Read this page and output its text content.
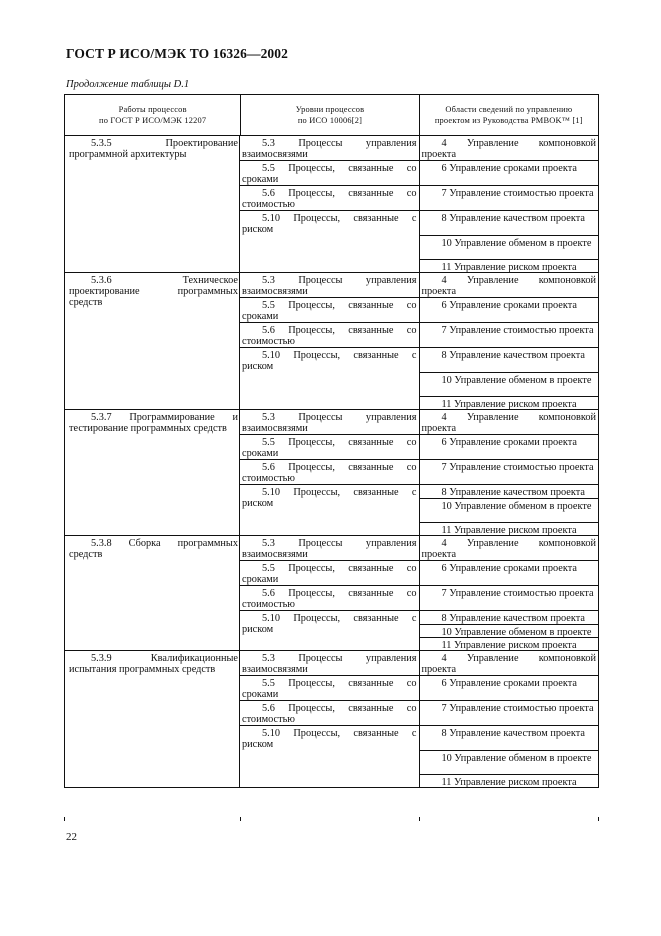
ГОСТ Р ИСО/МЭК ТО 16326—2002
Продолжение таблицы D.1
Работы процессов
по ГОСТ Р ИСО/МЭК 12207
Уровни процессов
по ИСО 10006[2]
Области сведений по управлению
проектом из Руководства PMBOK™ [1]
5.3.5 Проектирование программной архитектуры
5.3 Процессы управления взаимосвязями
4 Управление компоновкой проекта
5.5 Процессы, связанные со сроками
6 Управление сроками проекта
5.6 Процессы, связанные со стоимостью
7 Управление стоимостью проекта
5.10 Процессы, связанные с риском
8 Управление качеством проекта
10 Управление обменом в проекте
11 Управление риском проекта
5.3.6 Техническое проектирование программных средств
5.3 Процессы управления взаимосвязями
4 Управление компоновкой проекта
5.5 Процессы, связанные со сроками
6 Управление сроками проекта
5.6 Процессы, связанные со стоимостью
7 Управление стоимостью проекта
5.10 Процессы, связанные с риском
8 Управление качеством проекта
10 Управление обменом в проекте
11 Управление риском проекта
5.3.7 Программирование и тестирование программных средств
5.3 Процессы управления взаимосвязями
4 Управление компоновкой проекта
5.5 Процессы, связанные со сроками
6 Управление сроками проекта
5.6 Процессы, связанные со стоимостью
7 Управление стоимостью проекта
5.10 Процессы, связанные с риском
8 Управление качеством проекта
10 Управление обменом в проекте
11 Управление риском проекта
5.3.8 Сборка программных средств
5.3 Процессы управления взаимосвязями
4 Управление компоновкой проекта
5.5 Процессы, связанные со сроками
6 Управление сроками проекта
5.6 Процессы, связанные со стоимостью
7 Управление стоимостью проекта
5.10 Процессы, связанные с риском
8 Управление качеством проекта
10 Управление обменом в проекте
11 Управление риском проекта
5.3.9 Квалификационные испытания программных средств
5.3 Процессы управления взаимосвязями
4 Управление компоновкой проекта
5.5 Процессы, связанные со сроками
6 Управление сроками проекта
5.6 Процессы, связанные со стоимостью
7 Управление стоимостью проекта
5.10 Процессы, связанные с риском
8 Управление качеством проекта
10 Управление обменом в проекте
11 Управление риском проекта
22
